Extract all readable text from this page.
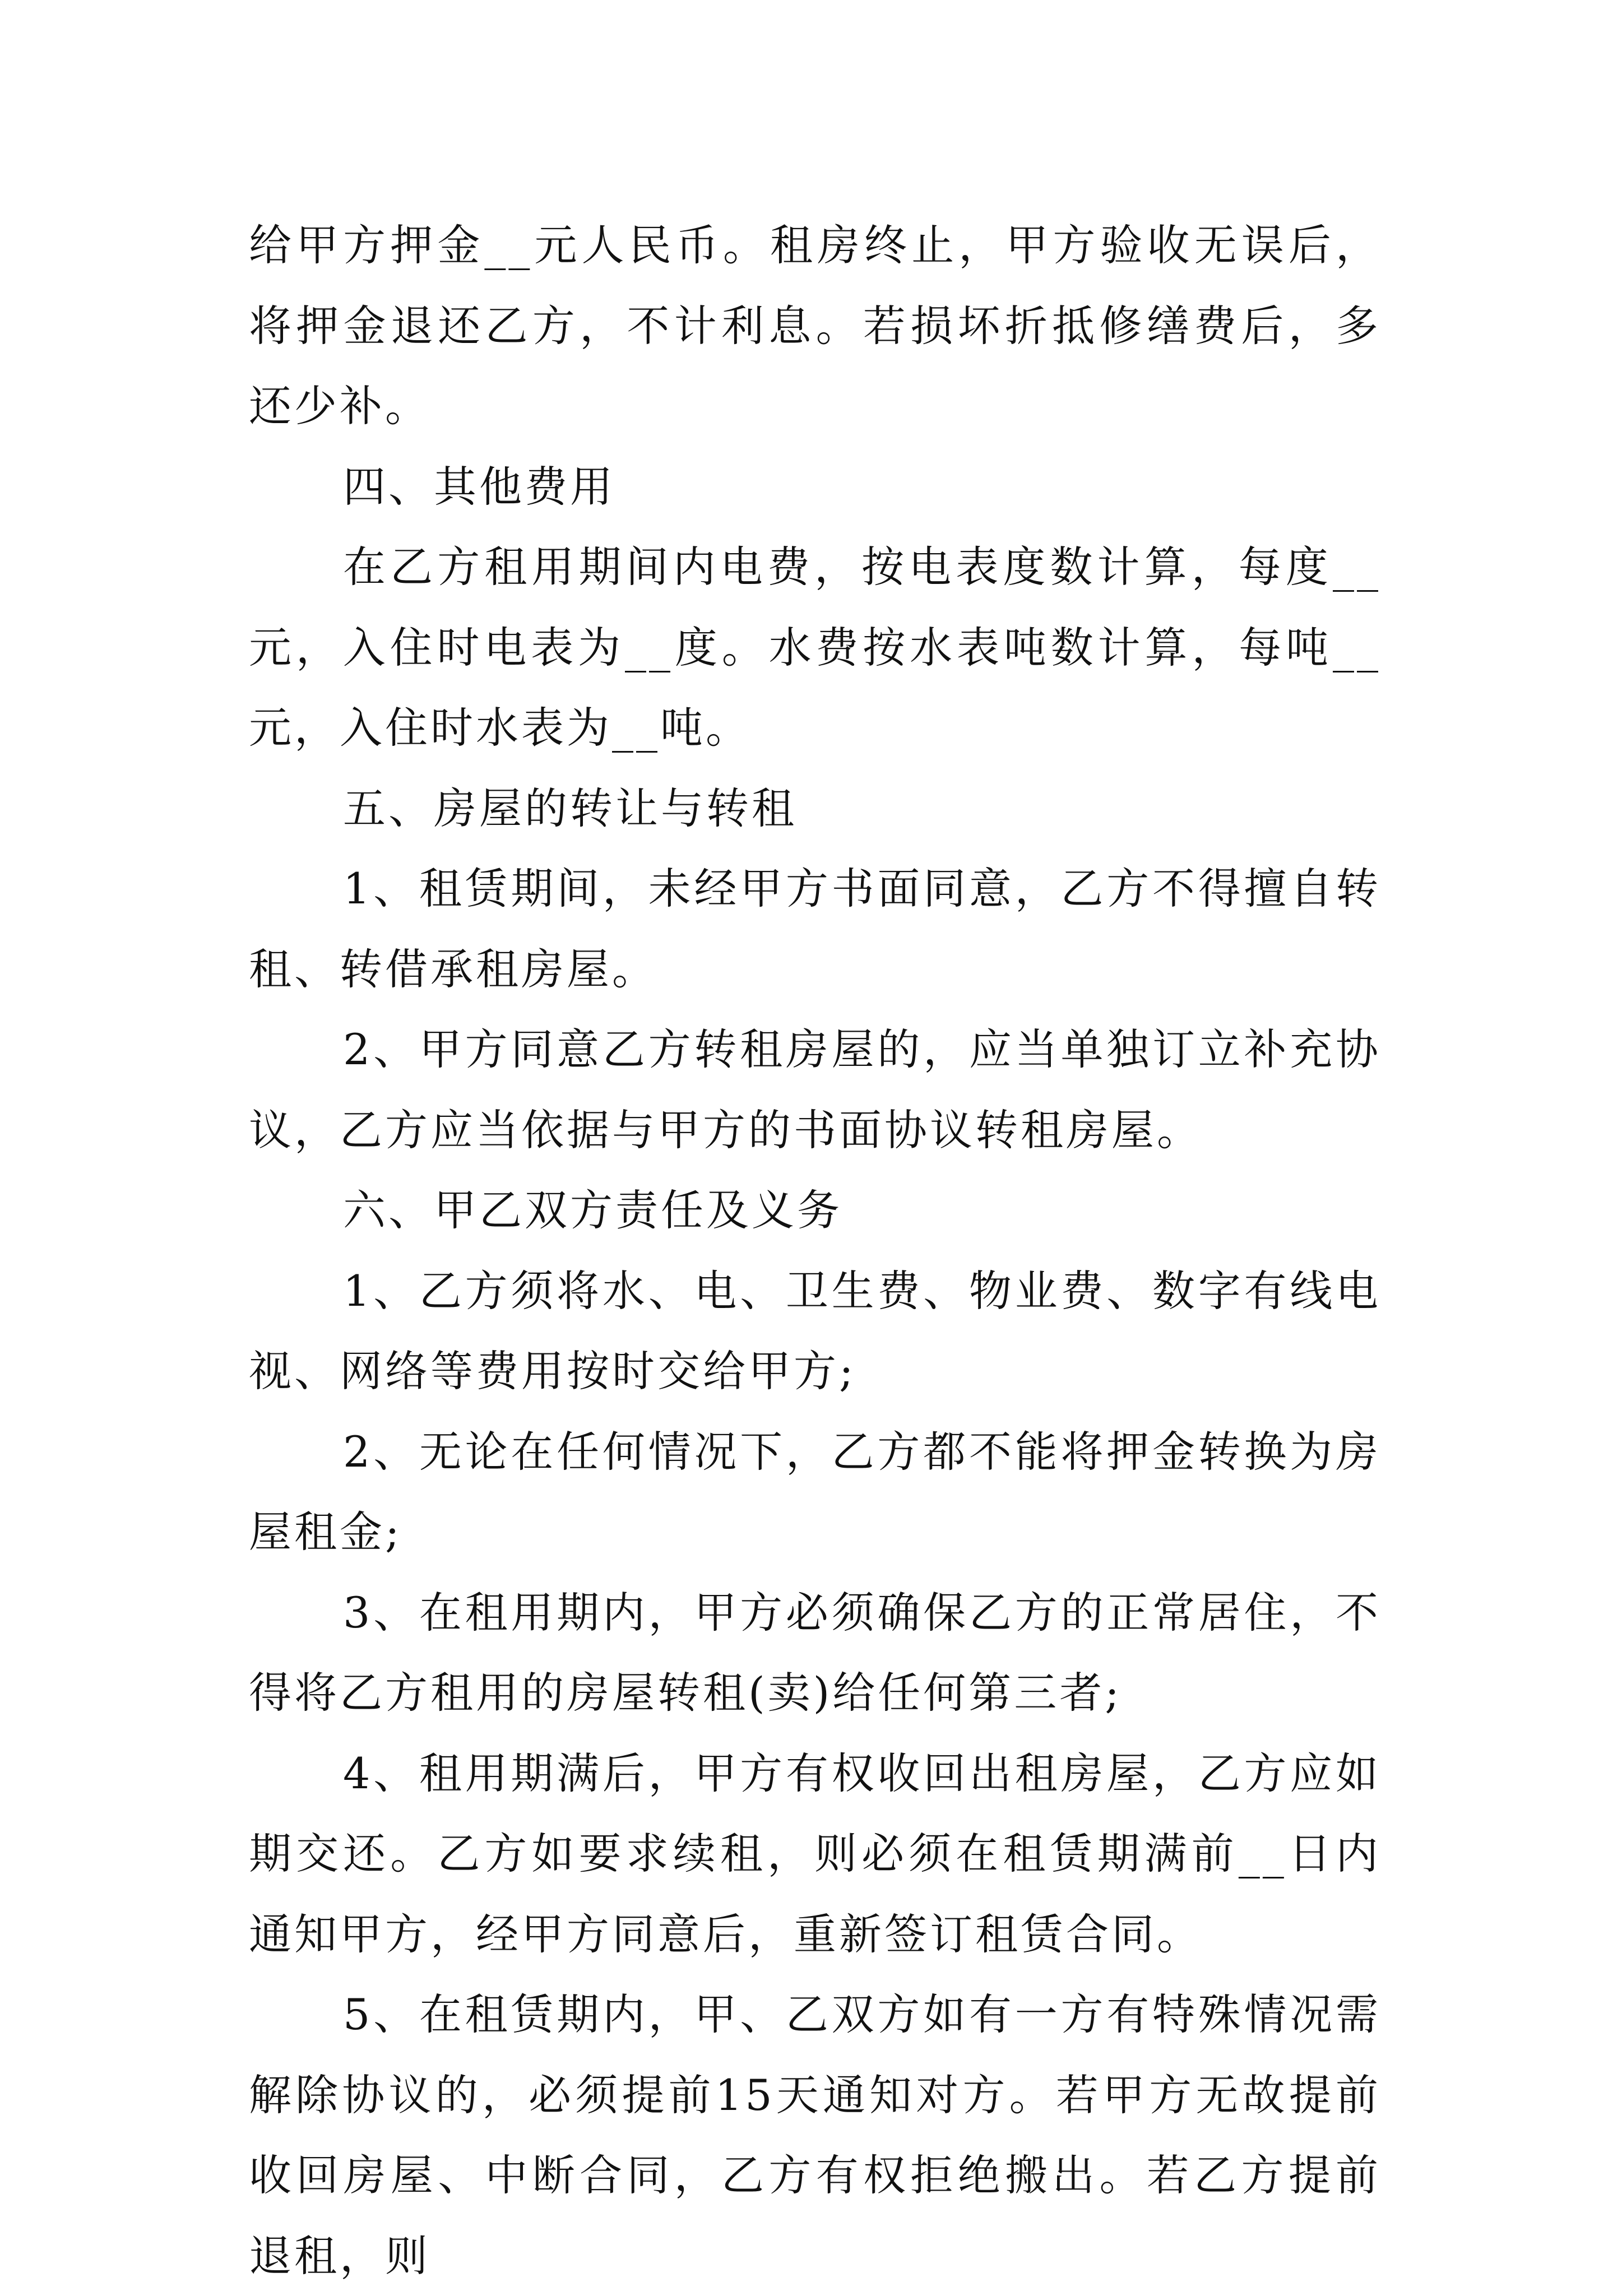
给甲方押金__元人民币。租房终止，甲方验收无误后，将押金退还乙方，不计利息。若损坏折抵修缮费后，多还少补。

四、其他费用

在乙方租用期间内电费，按电表度数计算，每度__元，入住时电表为__度。水费按水表吨数计算，每吨__元，入住时水表为__吨。

五、房屋的转让与转租

1、租赁期间，未经甲方书面同意，乙方不得擅自转租、转借承租房屋。

2、甲方同意乙方转租房屋的，应当单独订立补充协议，乙方应当依据与甲方的书面协议转租房屋。

六、甲乙双方责任及义务

1、乙方须将水、电、卫生费、物业费、数字有线电视、网络等费用按时交给甲方;

2、无论在任何情况下，乙方都不能将押金转换为房屋租金;

3、在租用期内，甲方必须确保乙方的正常居住，不得将乙方租用的房屋转租(卖)给任何第三者;

4、租用期满后，甲方有权收回出租房屋，乙方应如期交还。乙方如要求续租，则必须在租赁期满前__日内通知甲方，经甲方同意后，重新签订租赁合同。

5、在租赁期内，甲、乙双方如有一方有特殊情况需解除协议的，必须提前15天通知对方。若甲方无故提前收回房屋、中断合同，乙方有权拒绝搬出。若乙方提前退租，则
